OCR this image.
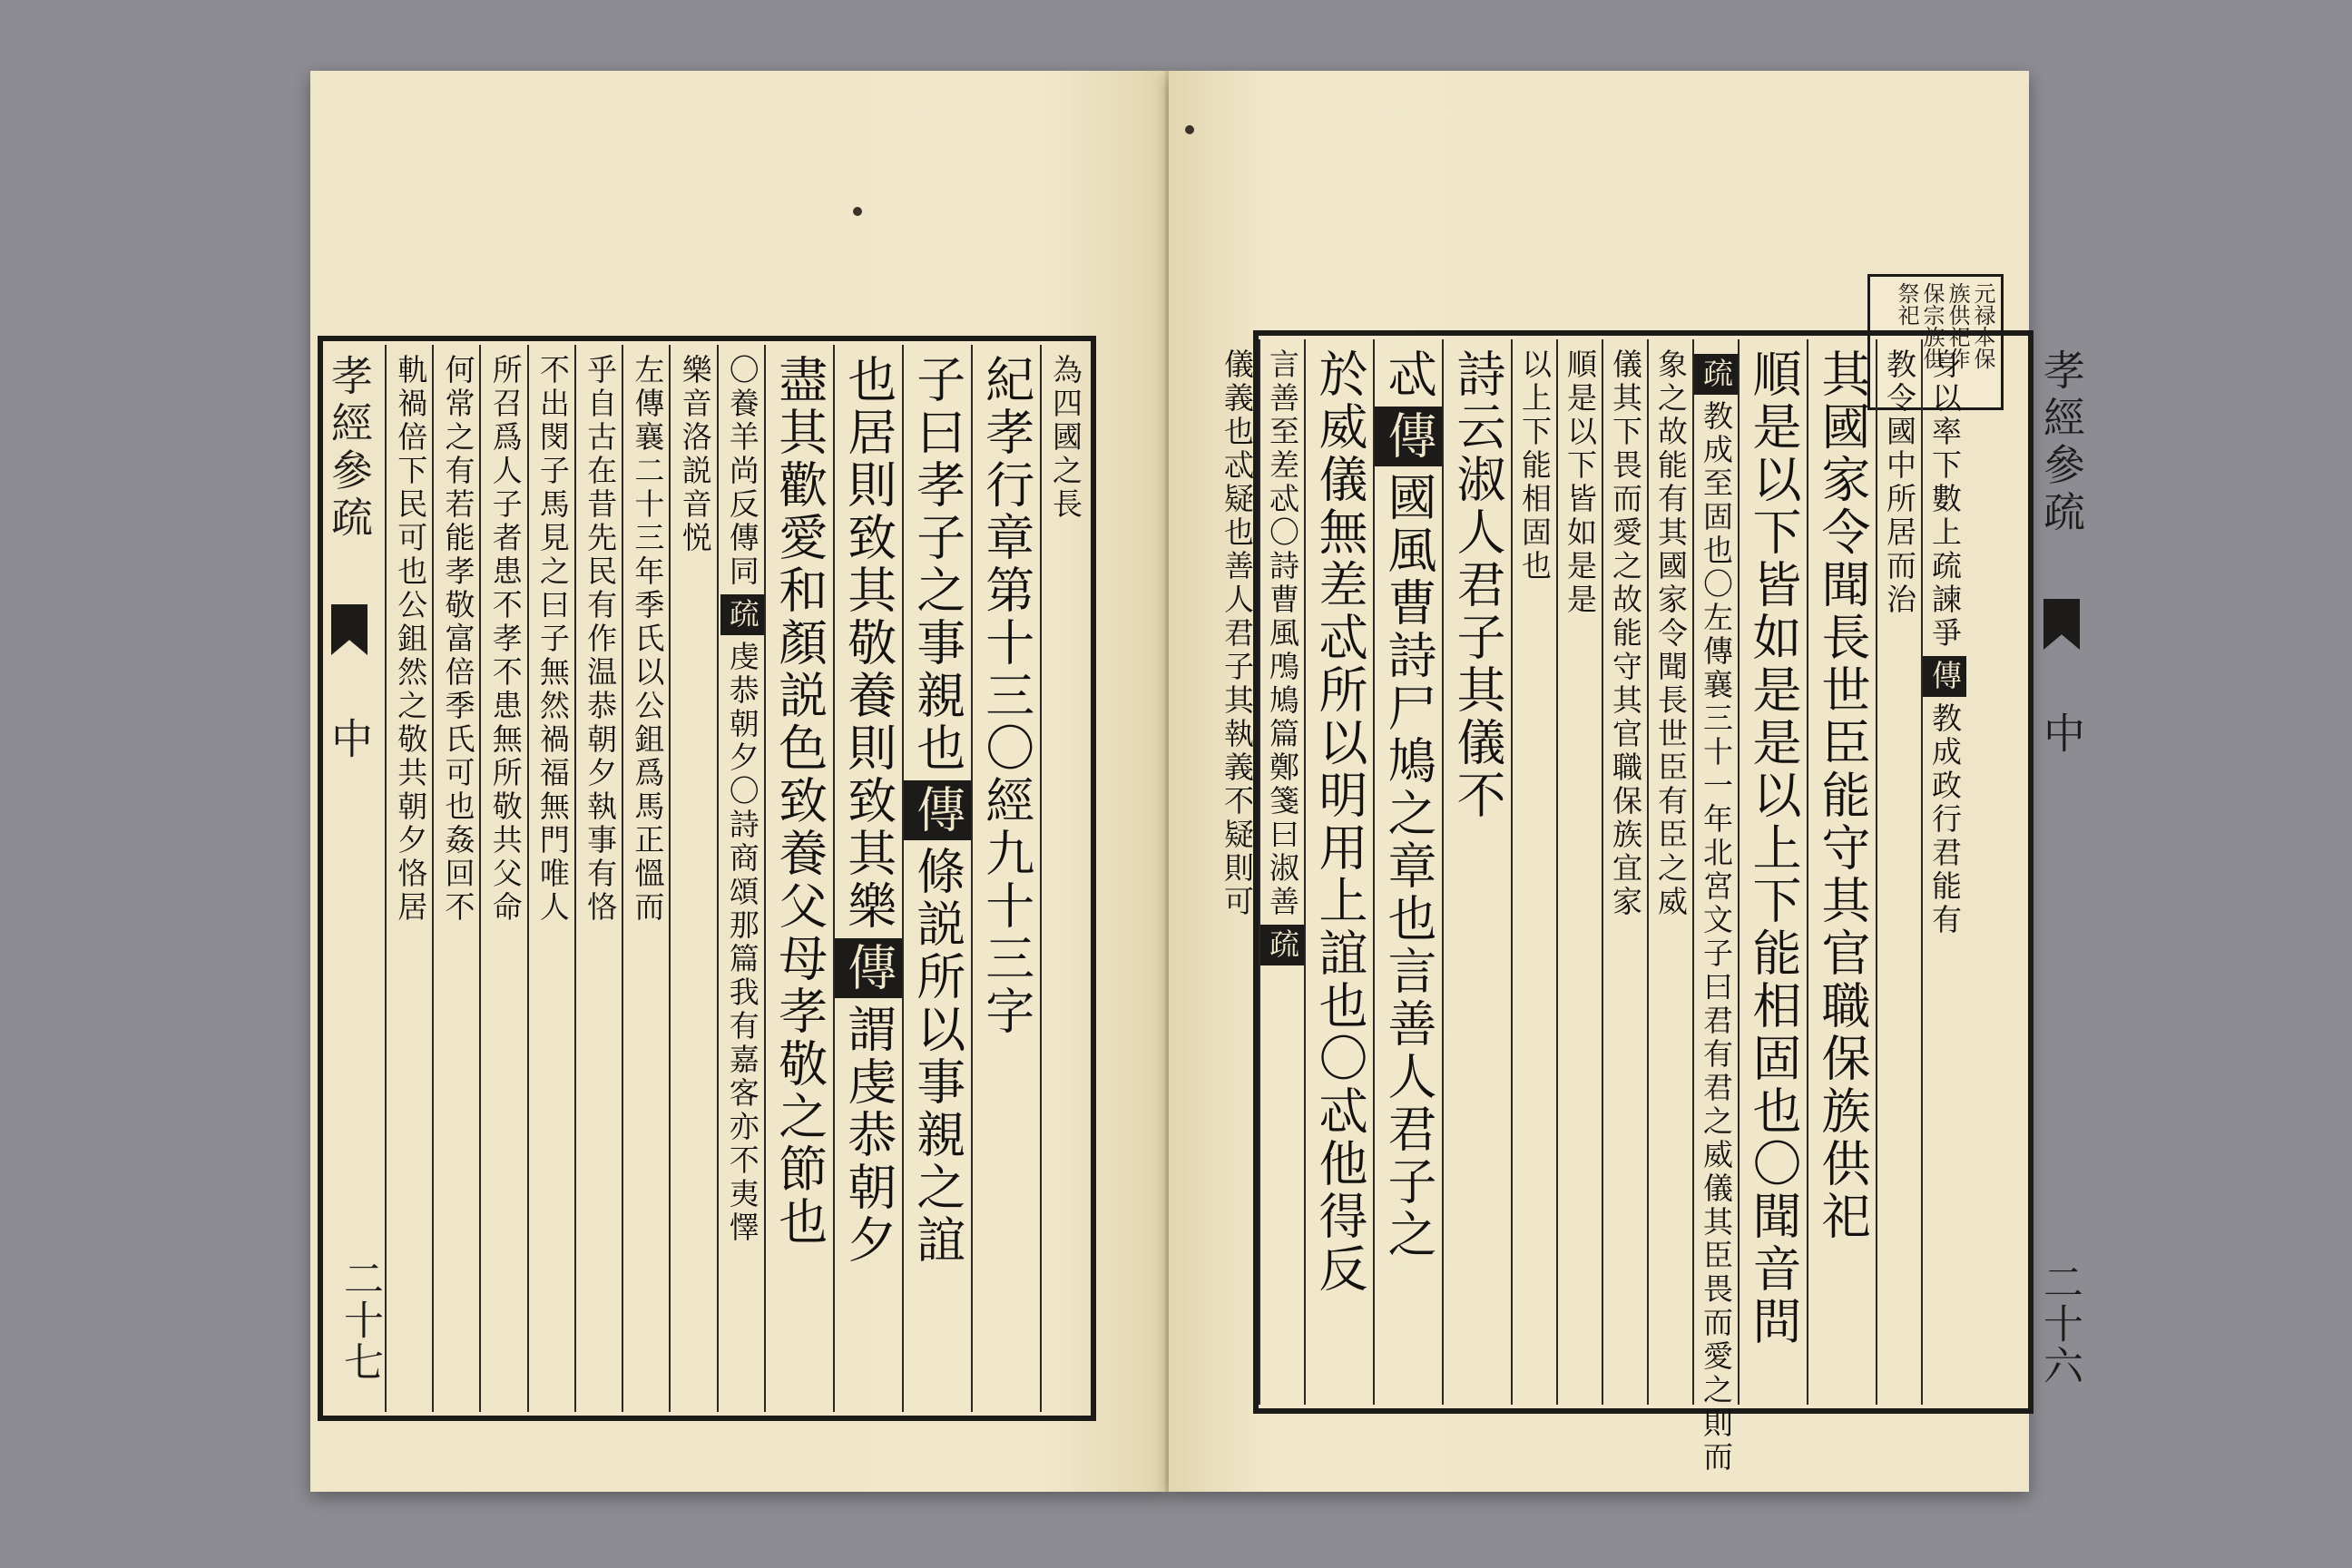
為四國之長
紀孝行章第十三〇經九十三字
子曰孝子之事親也傳條説所以事親之誼
也居則致其敬養則致其樂傳謂虔恭朝夕
盡其歡愛和顏説色致養父母孝敬之節也
〇養羊尚反傳同疏虔恭朝夕〇詩商頌那篇我有嘉客亦不夷懌
樂音洛説音悦
左傳襄二十三年季氏以公鉏爲馬正慍而
乎自古在昔先民有作温恭朝夕執事有恪
不出閔子馬見之曰子無然禍福無門唯人
所召爲人子者患不孝不患無所敬共父命
何常之有若能孝敬富倍季氏可也姦回不
軌禍倍下民可也公鉏然之敬共朝夕恪居
孝經參疏  中
二十七
元禄本保
族供祀作
保宗族供
祭祀
身以率下數上疏諫爭傳教成政行君能有
教令國中所居而治
其國家令聞長世臣能守其官職保族供祀
順是以下皆如是是以上下能相固也〇聞音問
疏教成至固也〇左傳襄三十一年北宮文子曰君有君之威儀其臣畏而愛之則而
象之故能有其國家令聞長世臣有臣之威
儀其下畏而愛之故能守其官職保族宜家
順是以下皆如是是
以上下能相固也
詩云淑人君子其儀不
忒傳國風曹詩尸鳩之章也言善人君子之
於威儀無差忒所以明用上誼也〇忒他得反
言善至差忒〇詩曹風鳲鳩篇鄭箋曰淑善疏
儀義也忒疑也善人君子其執義不疑則可	孝經參疏  中
二十六
